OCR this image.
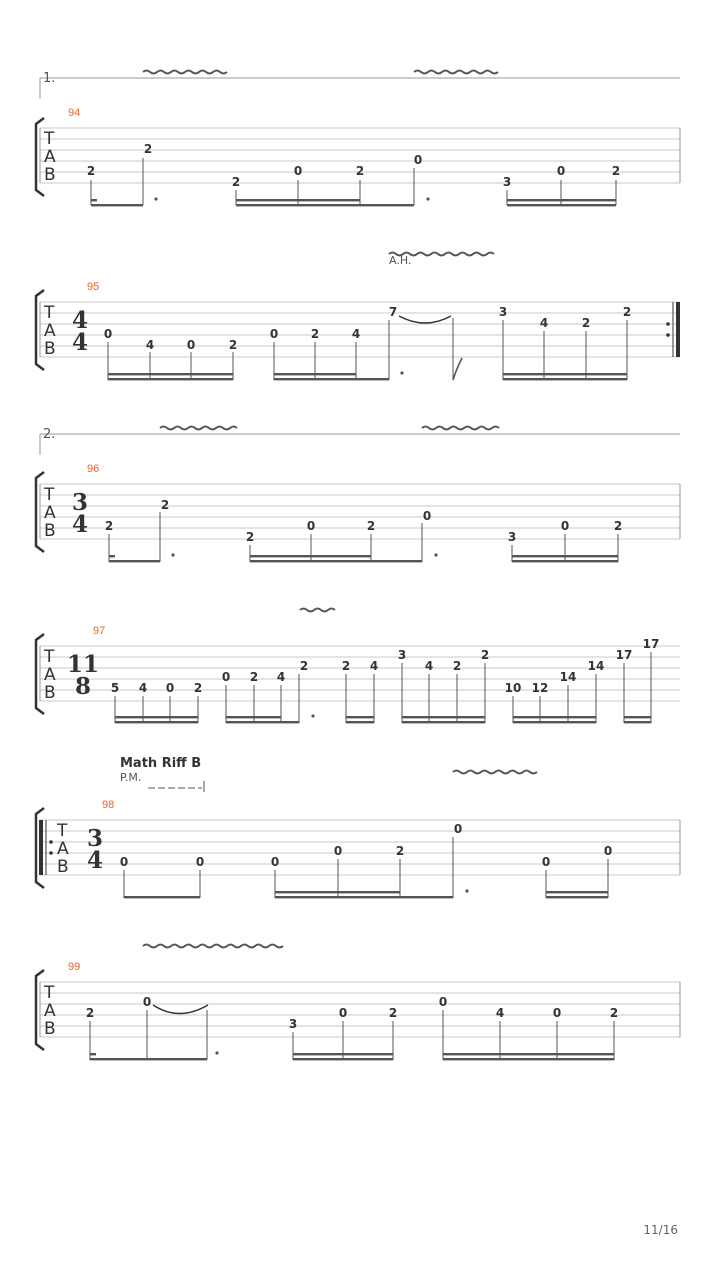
1.
94
T
A
B	2
2
2
0	2
0
3
0	2
A.H.
95
T
A
B
4
4 0
4	0	2
0	2	4
7	3
4	2
2
2.
96
T
A
B
3
4 2
2
2
0	2
0
3
0	2
97
T
A
B
11
8 5 4 0 2
0 2 4
2	2 4
3
4 2
2
10 12
14
14
17
17
Math Riff B
P.M.
98
T
A
B
3
4 0	0	0
0	2
0
0
0
99
T
A
B
2
0
3
0	2
0
4	0	2
11/16
